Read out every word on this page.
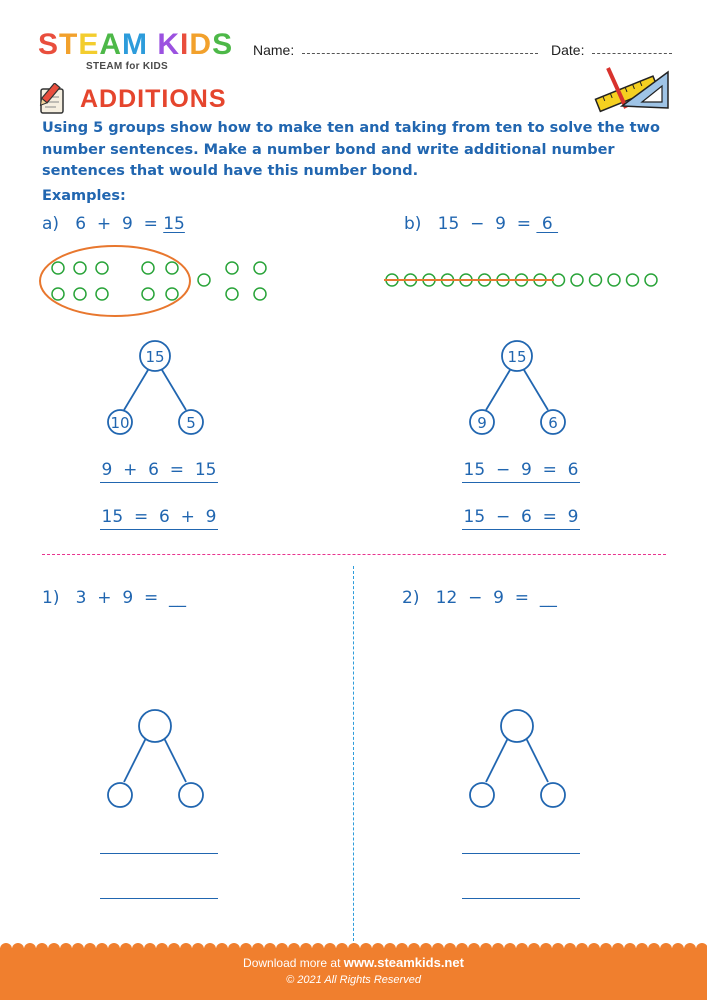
S T E A M
K I D S
STEAM for KIDS
Name:	Date:
ADDITIONS
Using 5 groups show how to make ten and taking from ten to solve the two number sentences. Make a number bond and write additional number sentences that would have this number bond.
Examples:
a) 6  +  9  = 15	b) 15  −  9  =  6
15
10	5
15
9	6
9  +  6  =  15
15  =  6  +  9
15  −  9  =  6
15  −  6  =  9
1) 3  +  9  =  __	2) 12  −  9  =  __
Download more at www.steamkids.net
© 2021 All Rights Reserved
